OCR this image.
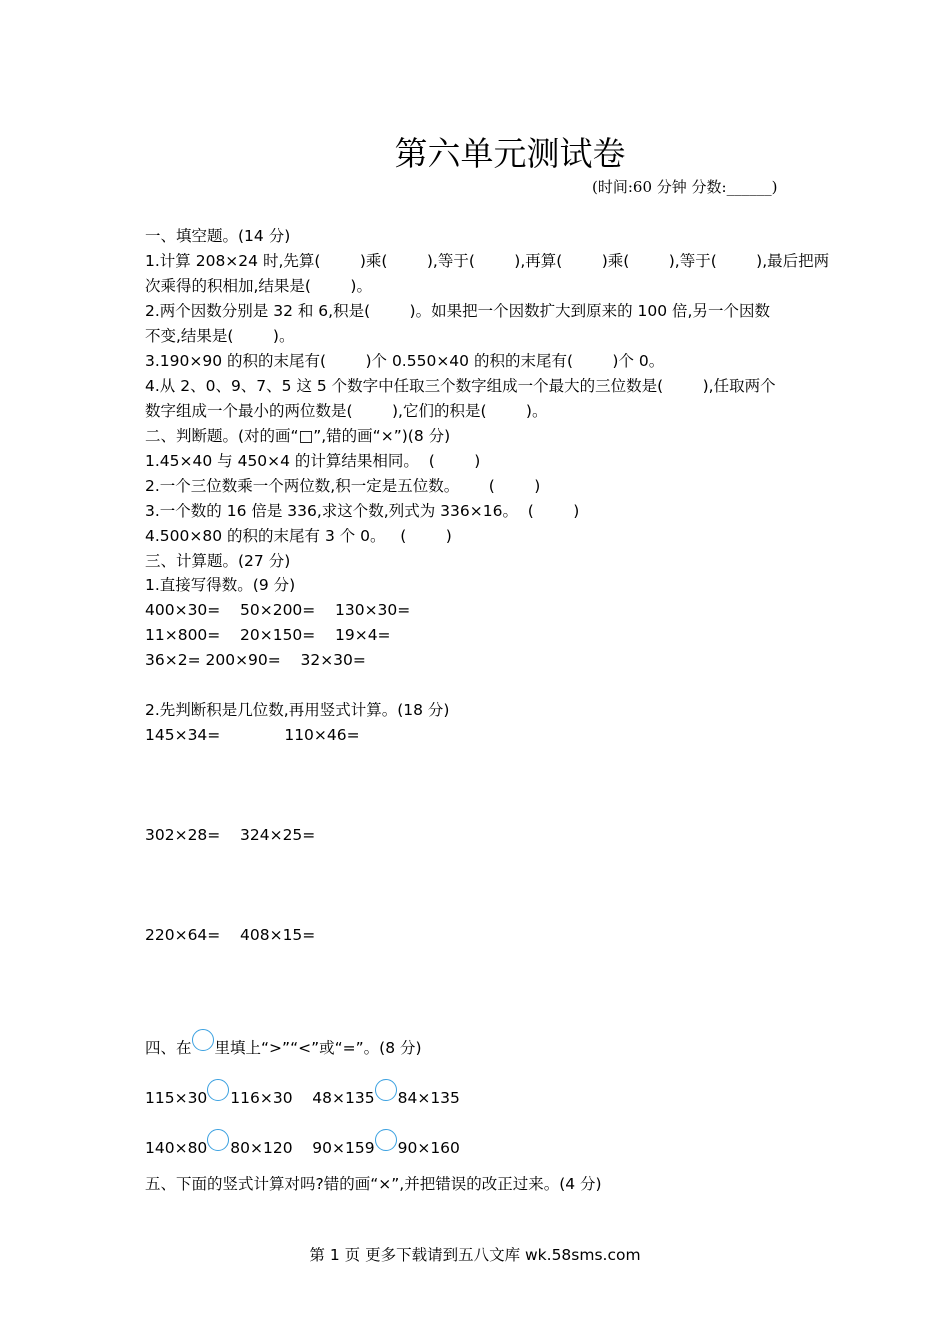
第六单元测试卷
(时间:60 分钟 分数:______)
一、填空题。(14 分)
1.计算 208×24 时,先算(        )乘(        ),等于(        ),再算(        )乘(        ),等于(        ),最后把两
次乘得的积相加,结果是(        )。
2.两个因数分别是 32 和 6,积是(        )。如果把一个因数扩大到原来的 100 倍,另一个因数
不变,结果是(        )。
3.190×90 的积的末尾有(        )个 0.550×40 的积的末尾有(        )个 0。
4.从 2、0、9、7、5 这 5 个数字中任取三个数字组成一个最大的三位数是(        ),任取两个
数字组成一个最小的两位数是(        ),它们的积是(        )。
二、判断题。(对的画“□”,错的画“×”)(8 分)
1.45×40 与 450×4 的计算结果相同。  (        )
2.一个三位数乘一个两位数,积一定是五位数。      (        )
3.一个数的 16 倍是 336,求这个数,列式为 336×16。  (        )
4.500×80 的积的末尾有 3 个 0。   (        )
三、计算题。(27 分)
1.直接写得数。(9 分)
400×30=    50×200=    130×30=
11×800=    20×150=    19×4=
36×2= 200×90=    32×30=
2.先判断积是几位数,再用竖式计算。(18 分)
145×34=             110×46=
302×28=    324×25=
220×64=    408×15=
四、在 里填上“>”“<”或“=”。(8 分)
115×30 116×30    48×135 84×135
140×80 80×120    90×159 90×160
五、下面的竖式计算对吗?错的画“×”,并把错误的改正过来。(4 分)
第 1 页 更多下载请到五八文库 wk.58sms.com
